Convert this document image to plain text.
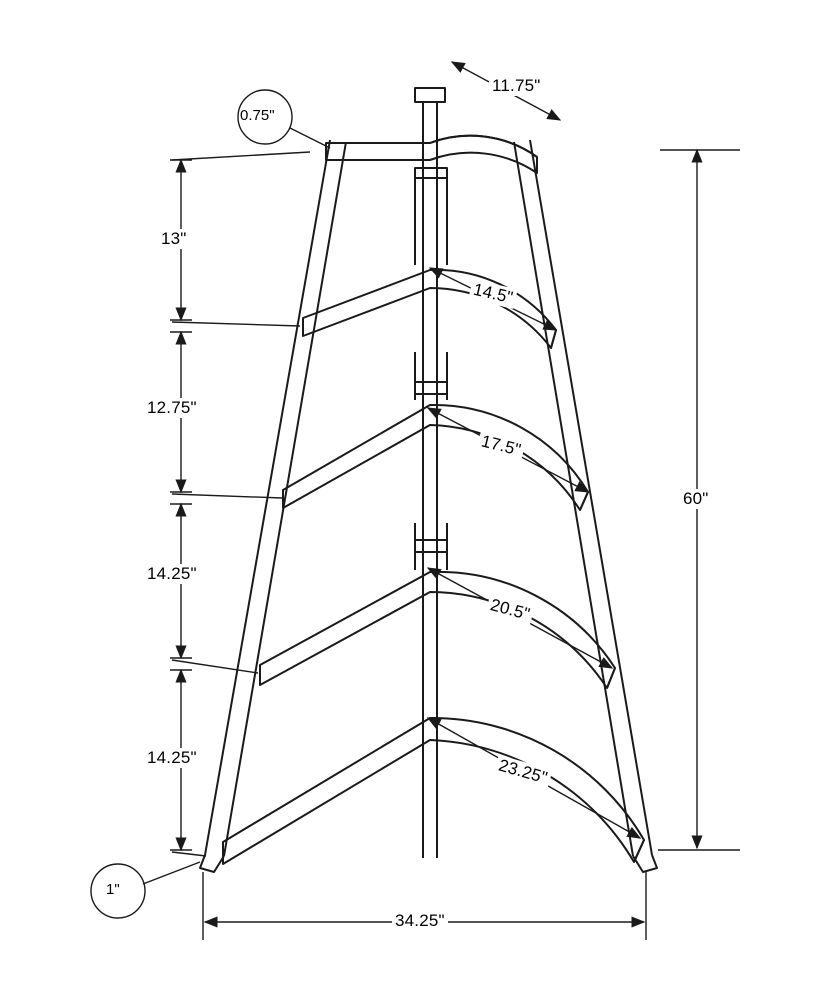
11.75"
14.5"
17.5"
20.5"
23.25"
13"
12.75"
14.25"
14.25"
60"
34.25"
0.75"
1"
